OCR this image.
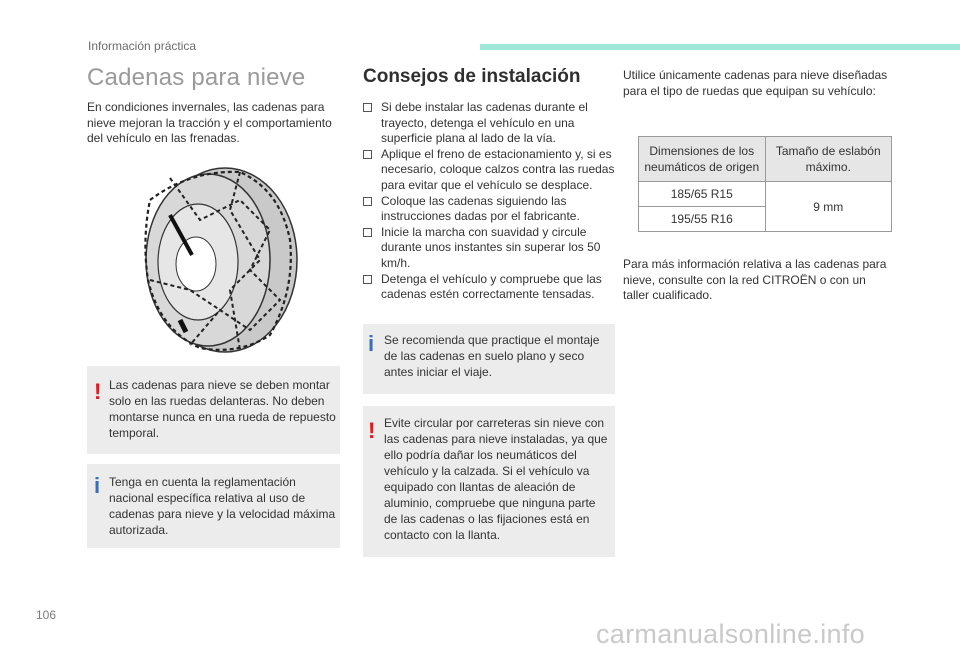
Información práctica
Cadenas para nieve
En condiciones invernales, las cadenas para nieve mejoran la tracción y el comportamiento del vehículo en las frenadas.
! Las cadenas para nieve se deben montar solo en las ruedas delanteras. No deben montarse nunca en una rueda de repuesto temporal.
i Tenga en cuenta la reglamentación nacional específica relativa al uso de cadenas para nieve y la velocidad máxima autorizada.
Consejos de instalación
Si debe instalar las cadenas durante el trayecto, detenga el vehículo en una superficie plana al lado de la vía.
Aplique el freno de estacionamiento y, si es necesario, coloque calzos contra las ruedas para evitar que el vehículo se desplace.
Coloque las cadenas siguiendo las instrucciones dadas por el fabricante.
Inicie la marcha con suavidad y circule durante unos instantes sin superar los 50 km/h.
Detenga el vehículo y compruebe que las cadenas estén correctamente tensadas.
i Se recomienda que practique el montaje de las cadenas en suelo plano y seco antes iniciar el viaje.
! Evite circular por carreteras sin nieve con las cadenas para nieve instaladas, ya que ello podría dañar los neumáticos del vehículo y la calzada. Si el vehículo va equipado con llantas de aleación de aluminio, compruebe que ninguna parte de las cadenas o las fijaciones está en contacto con la llanta.
Utilice únicamente cadenas para nieve diseñadas para el tipo de ruedas que equipan su vehículo:
Dimensiones de los neumáticos de origen	Tamaño de eslabón máximo.
185/65 R15	9 mm
195/55 R16	
Para más información relativa a las cadenas para nieve, consulte con la red CITROËN o con un taller cualificado.
106
carmanualsonline.info
